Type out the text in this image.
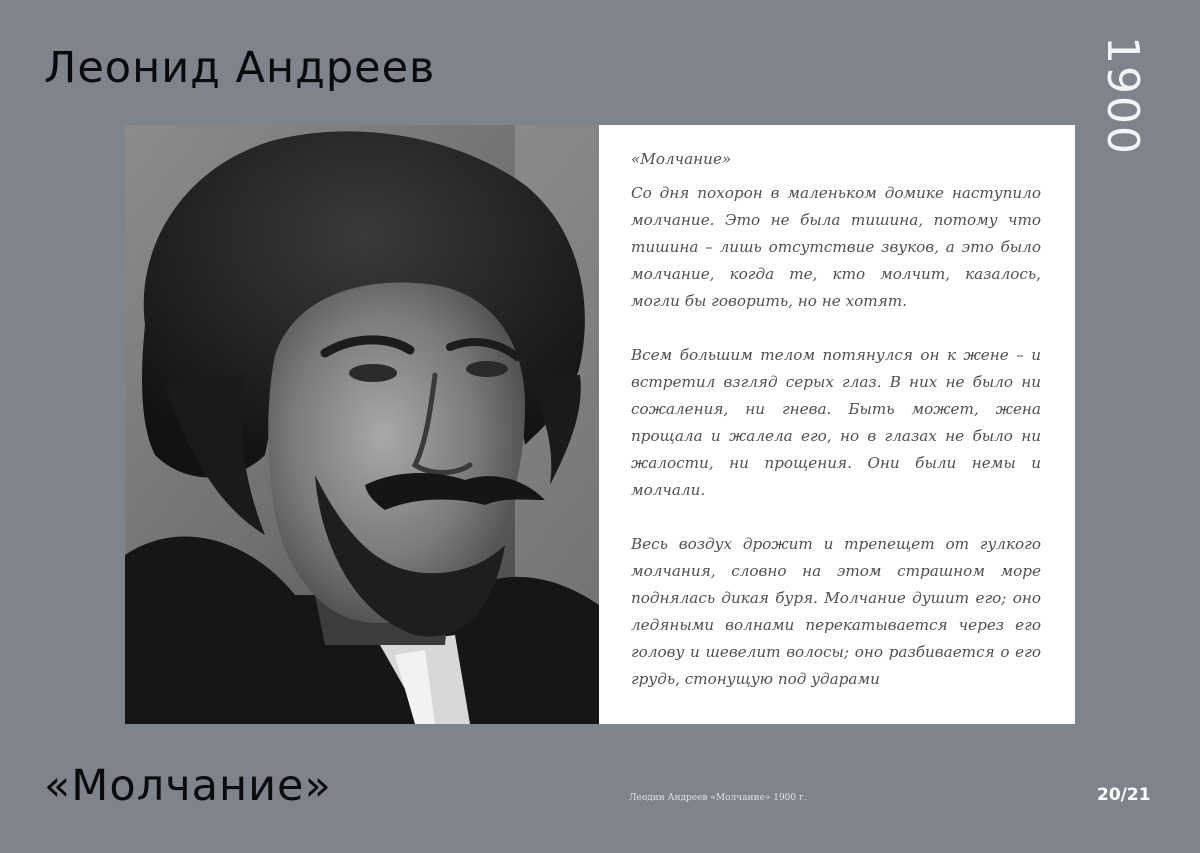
Леонид Андреев	1900
«Молчание»

Со дня похорон в маленьком домике наступило молчание. Это не была тишина, потому что тишина – лишь отсутствие звуков, а это было молчание, когда те, кто молчит, казалось, могли бы говорить, но не хотят.

Всем большим телом потянулся он к жене – и встретил взгляд серых глаз. В них не было ни сожаления, ни гнева. Быть может, жена прощала и жалела его, но в глазах не было ни жалости, ни прощения. Они были немы и молчали.

Весь воздух дрожит и трепещет от гулкого молчания, словно на этом страшном море поднялась дикая буря. Молчание душит его; оно ледяными волнами перекатывается через его голову и шевелит волосы; оно разбивается о его грудь, стонущую под ударами

«Молчание»	Леодин Андреев «Молчание» 1900 г.	20/21
